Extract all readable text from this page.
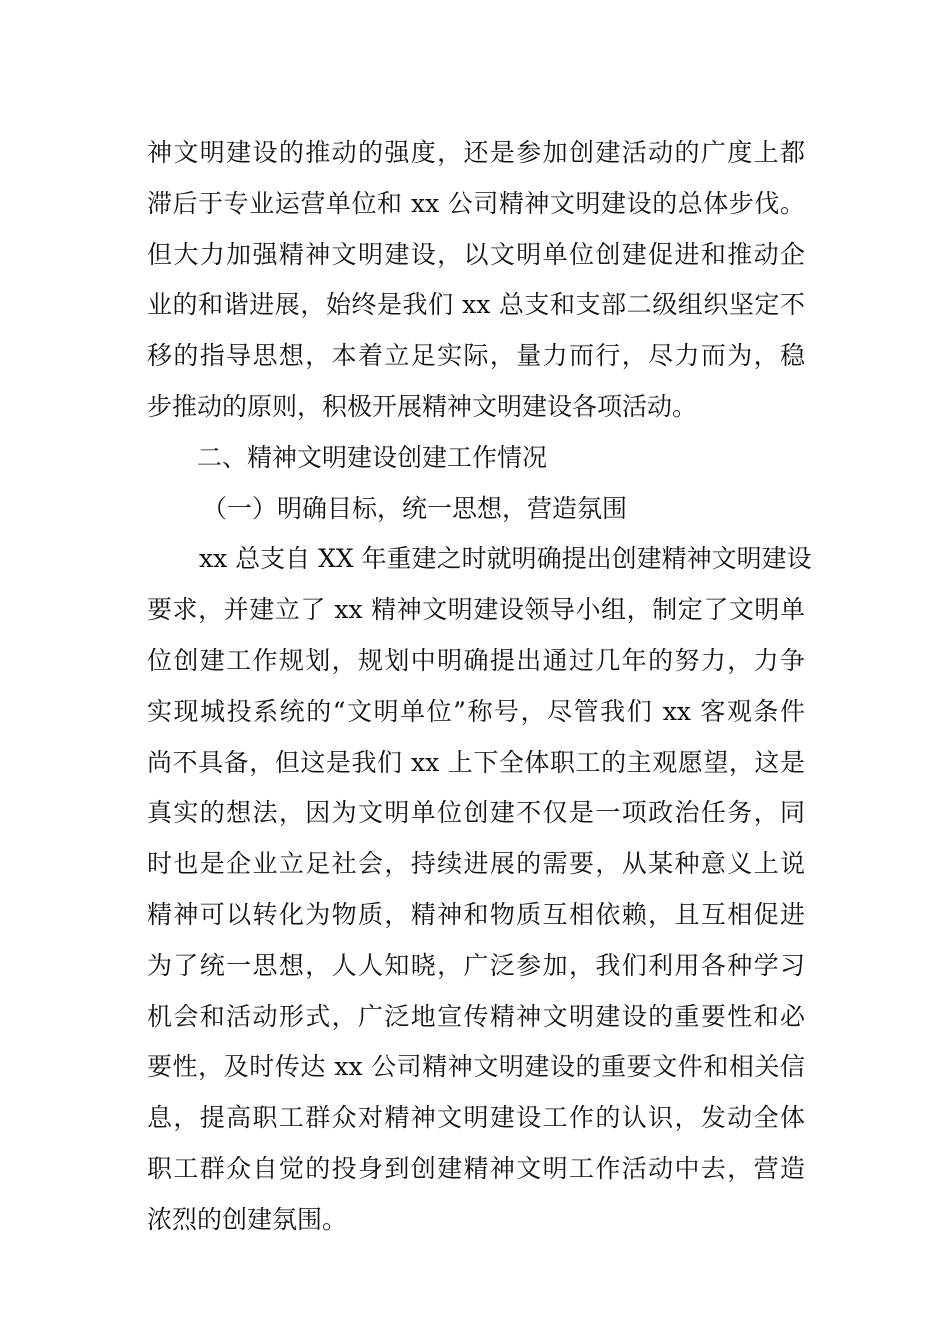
神文明建设的推动的强度，还是参加创建活动的广度上都
滞后于专业运营单位和 xx 公司精神文明建设的总体步伐。
但大力加强精神文明建设，以文明单位创建促进和推动企
业的和谐进展，始终是我们 xx 总支和支部二级组织坚定不
移的指导思想，本着立足实际，量力而行，尽力而为，稳
步推动的原则，积极开展精神文明建设各项活动。
二、精神文明建设创建工作情况
（一）明确目标，统一思想，营造氛围
xx 总支自 XX 年重建之时就明确提出创建精神文明建设
要求，并建立了 xx 精神文明建设领导小组，制定了文明单
位创建工作规划，规划中明确提出通过几年的努力，力争
实现城投系统的“文明单位”称号，尽管我们 xx 客观条件
尚不具备，但这是我们 xx 上下全体职工的主观愿望，这是
真实的想法，因为文明单位创建不仅是一项政治任务，同
时也是企业立足社会，持续进展的需要，从某种意义上说
精神可以转化为物质，精神和物质互相依赖，且互相促进
为了统一思想，人人知晓，广泛参加，我们利用各种学习
机会和活动形式，广泛地宣传精神文明建设的重要性和必
要性，及时传达 xx 公司精神文明建设的重要文件和相关信
息，提高职工群众对精神文明建设工作的认识，发动全体
职工群众自觉的投身到创建精神文明工作活动中去，营造
浓烈的创建氛围。
